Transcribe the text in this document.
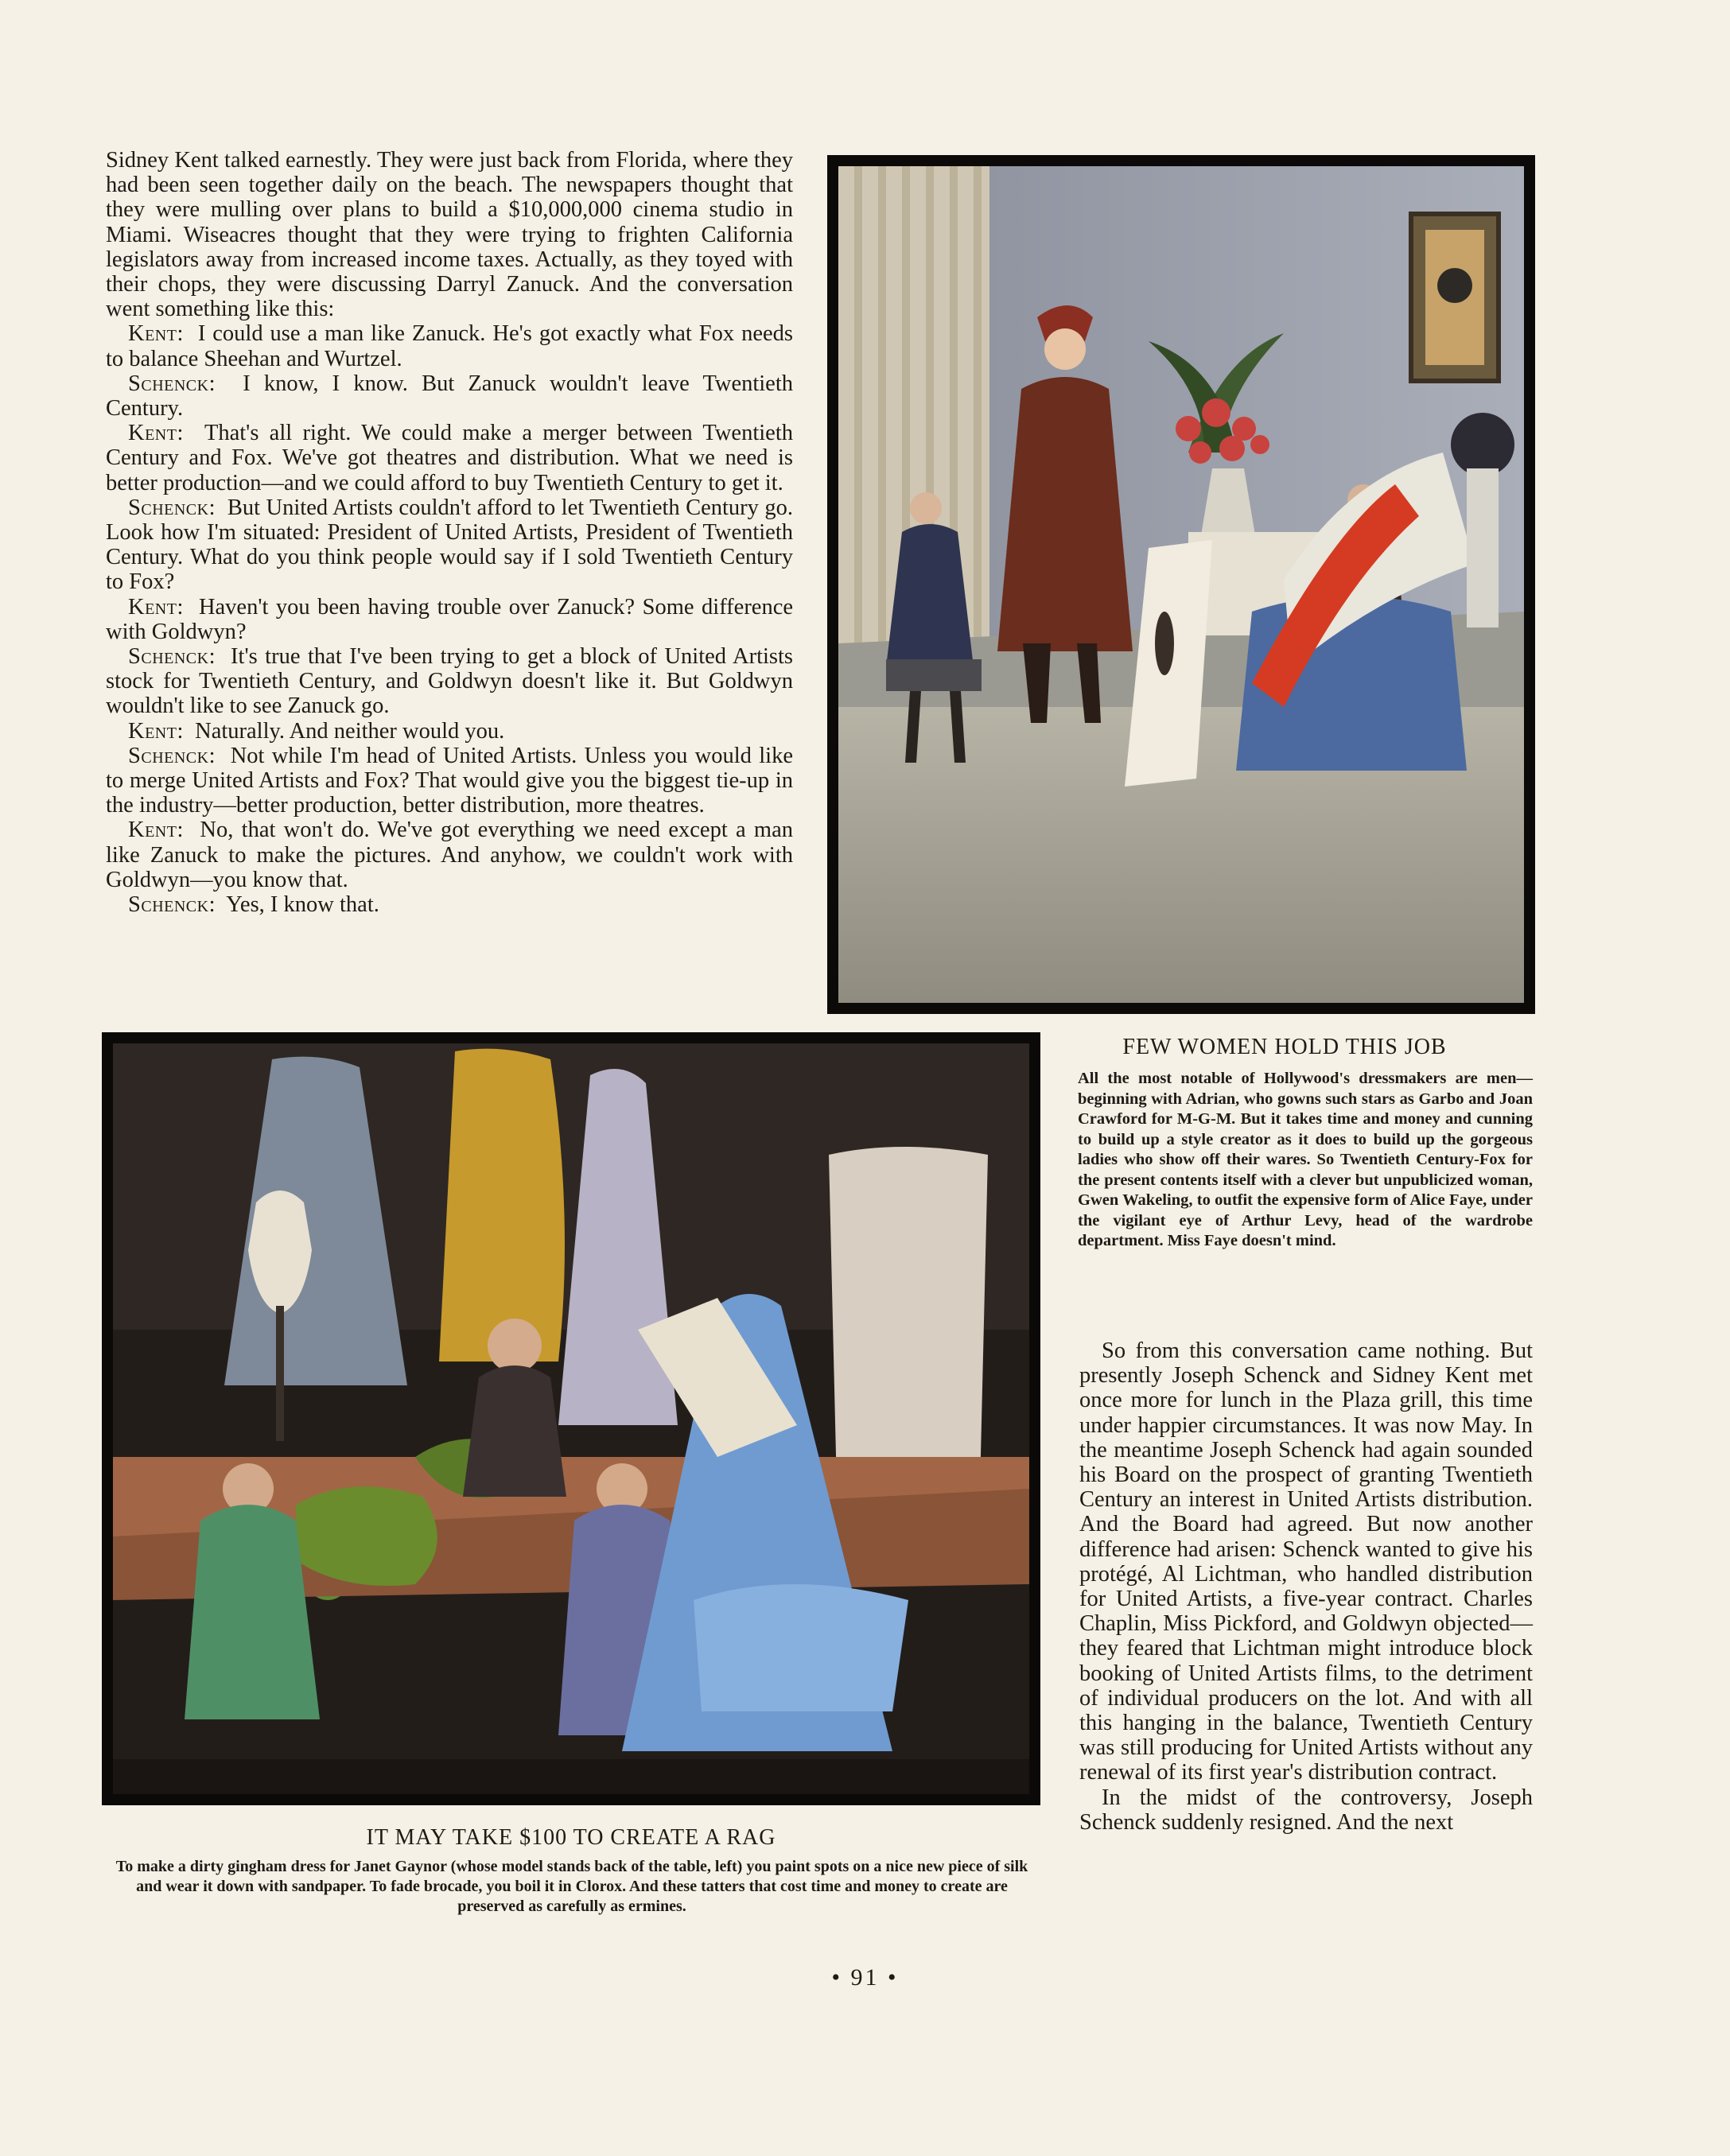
Sidney Kent talked earnestly. They were just back from Florida, where they had been seen together daily on the beach. The newspapers thought that they were mulling over plans to build a $10,000,000 cinema studio in Miami. Wiseacres thought that they were trying to frighten California legislators away from increased income taxes. Actually, as they toyed with their chops, they were discussing Darryl Zanuck. And the conversation went something like this:

Kent: I could use a man like Zanuck. He's got exactly what Fox needs to balance Sheehan and Wurtzel.

Schenck: I know, I know. But Zanuck wouldn't leave Twentieth Century.

Kent: That's all right. We could make a merger between Twentieth Century and Fox. We've got theatres and distribution. What we need is better production—and we could afford to buy Twentieth Century to get it.

Schenck: But United Artists couldn't afford to let Twentieth Century go. Look how I'm situated: President of United Artists, President of Twentieth Century. What do you think people would say if I sold Twentieth Century to Fox?

Kent: Haven't you been having trouble over Zanuck? Some difference with Goldwyn?

Schenck: It's true that I've been trying to get a block of United Artists stock for Twentieth Century, and Goldwyn doesn't like it. But Goldwyn wouldn't like to see Zanuck go.

Kent: Naturally. And neither would you.

Schenck: Not while I'm head of United Artists. Unless you would like to merge United Artists and Fox? That would give you the biggest tie-up in the industry—better production, better distribution, more theatres.

Kent: No, that won't do. We've got everything we need except a man like Zanuck to make the pictures. And anyhow, we couldn't work with Goldwyn—you know that.

Schenck: Yes, I know that.

FEW WOMEN HOLD THIS JOB
All the most notable of Hollywood's dressmakers are men—beginning with Adrian, who gowns such stars as Garbo and Joan Crawford for M-G-M. But it takes time and money and cunning to build up a style creator as it does to build up the gorgeous ladies who show off their wares. So Twentieth Century-Fox for the present contents itself with a clever but unpublicized woman, Gwen Wakeling, to outfit the expensive form of Alice Faye, under the vigilant eye of Arthur Levy, head of the wardrobe department. Miss Faye doesn't mind.
IT MAY TAKE $100 TO CREATE A RAG
To make a dirty gingham dress for Janet Gaynor (whose model stands back of the table, left) you paint spots on a nice new piece of silk and wear it down with sandpaper. To fade brocade, you boil it in Clorox. And these tatters that cost time and money to create are preserved as carefully as ermines.

So from this conversation came nothing. But presently Joseph Schenck and Sidney Kent met once more for lunch in the Plaza grill, this time under happier circumstances. It was now May. In the meantime Joseph Schenck had again sounded his Board on the prospect of granting Twentieth Century an interest in United Artists distribution. And the Board had agreed. But now another difference had arisen: Schenck wanted to give his protégé, Al Lichtman, who handled distribution for United Artists, a five-year contract. Charles Chaplin, Miss Pickford, and Goldwyn objected—they feared that Lichtman might introduce block booking of United Artists films, to the detriment of individual producers on the lot. And with all this hanging in the balance, Twentieth Century was still producing for United Artists without any renewal of its first year's distribution contract.

In the midst of the controversy, Joseph Schenck suddenly resigned. And the next

• 91 •
